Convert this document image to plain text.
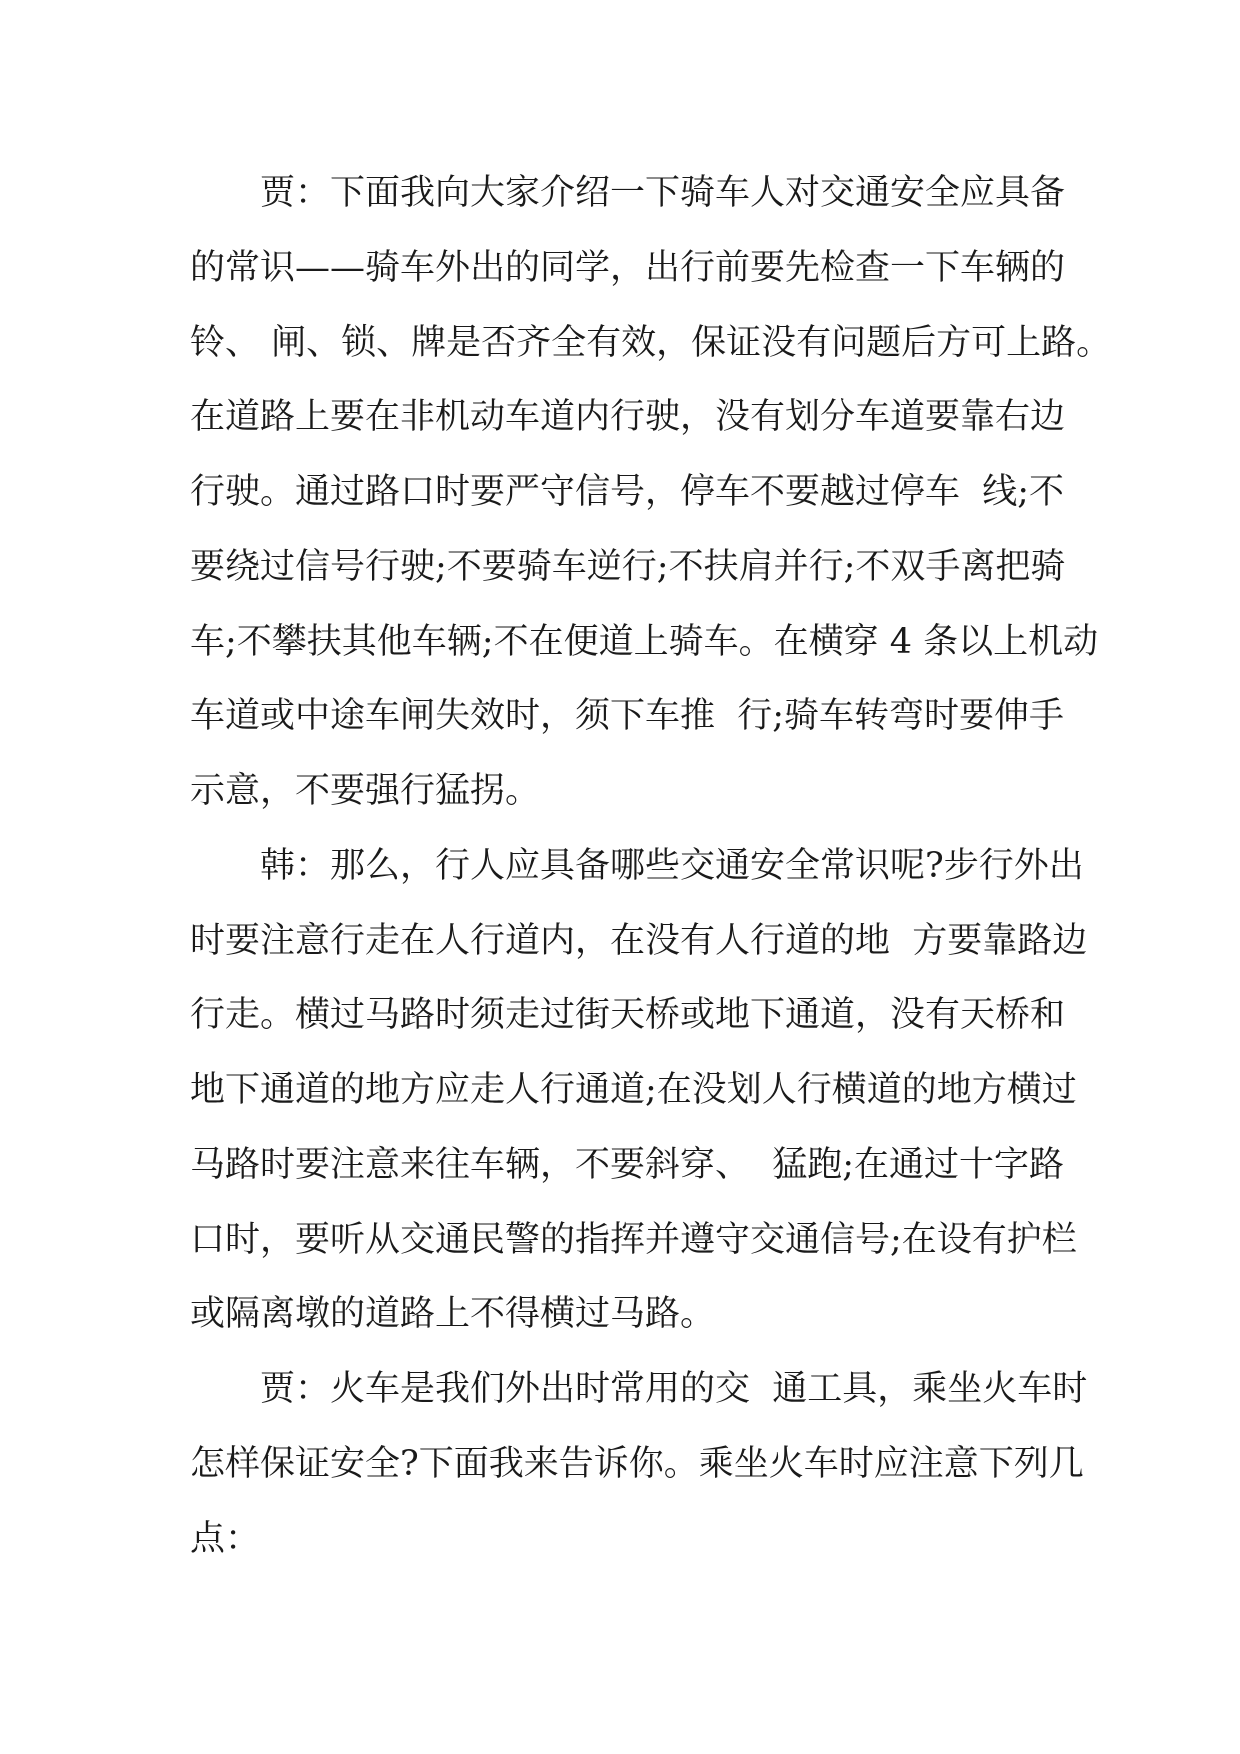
贾：下面我向大家介绍一下骑车人对交通安全应具备
的常识——骑车外出的同学，出行前要先检查一下车辆的
铃、 闸、锁、牌是否齐全有效，保证没有问题后方可上路。
在道路上要在非机动车道内行驶，没有划分车道要靠右边
行驶。通过路口时要严守信号，停车不要越过停车  线;不
要绕过信号行驶;不要骑车逆行;不扶肩并行;不双手离把骑
车;不攀扶其他车辆;不在便道上骑车。在横穿 4 条以上机动
车道或中途车闸失效时，须下车推  行;骑车转弯时要伸手
示意，不要强行猛拐。
韩：那么，行人应具备哪些交通安全常识呢?步行外出
时要注意行走在人行道内，在没有人行道的地  方要靠路边
行走。横过马路时须走过街天桥或地下通道，没有天桥和
地下通道的地方应走人行通道;在没划人行横道的地方横过
马路时要注意来往车辆，不要斜穿、  猛跑;在通过十字路
口时，要听从交通民警的指挥并遵守交通信号;在设有护栏
或隔离墩的道路上不得横过马路。
贾：火车是我们外出时常用的交  通工具，乘坐火车时
怎样保证安全?下面我来告诉你。乘坐火车时应注意下列几
点：
